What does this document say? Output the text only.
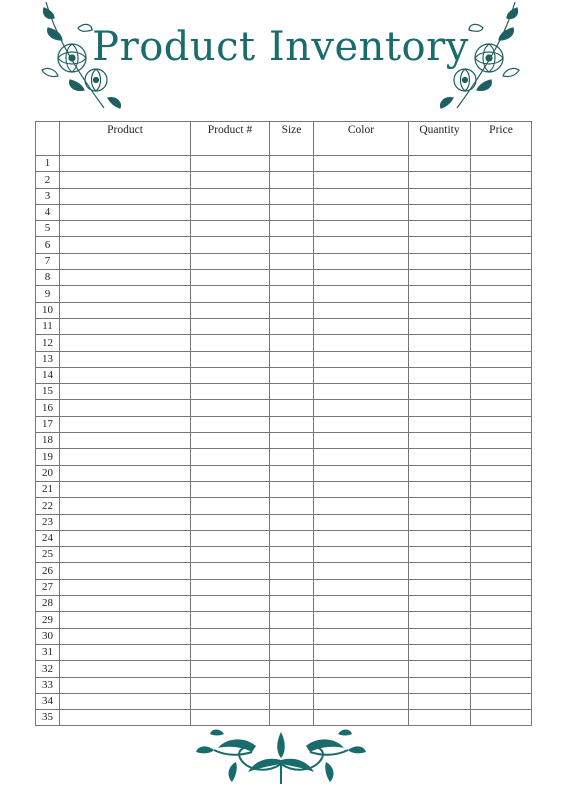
Product Inventory
	Product	Product #	Size	Color	Quantity	Price
1						
2						
3						
4						
5						
6						
7						
8						
9						
10						
11						
12						
13						
14						
15						
16						
17						
18						
19						
20						
21						
22						
23						
24						
25						
26						
27						
28						
29						
30						
31						
32						
33						
34						
35						
